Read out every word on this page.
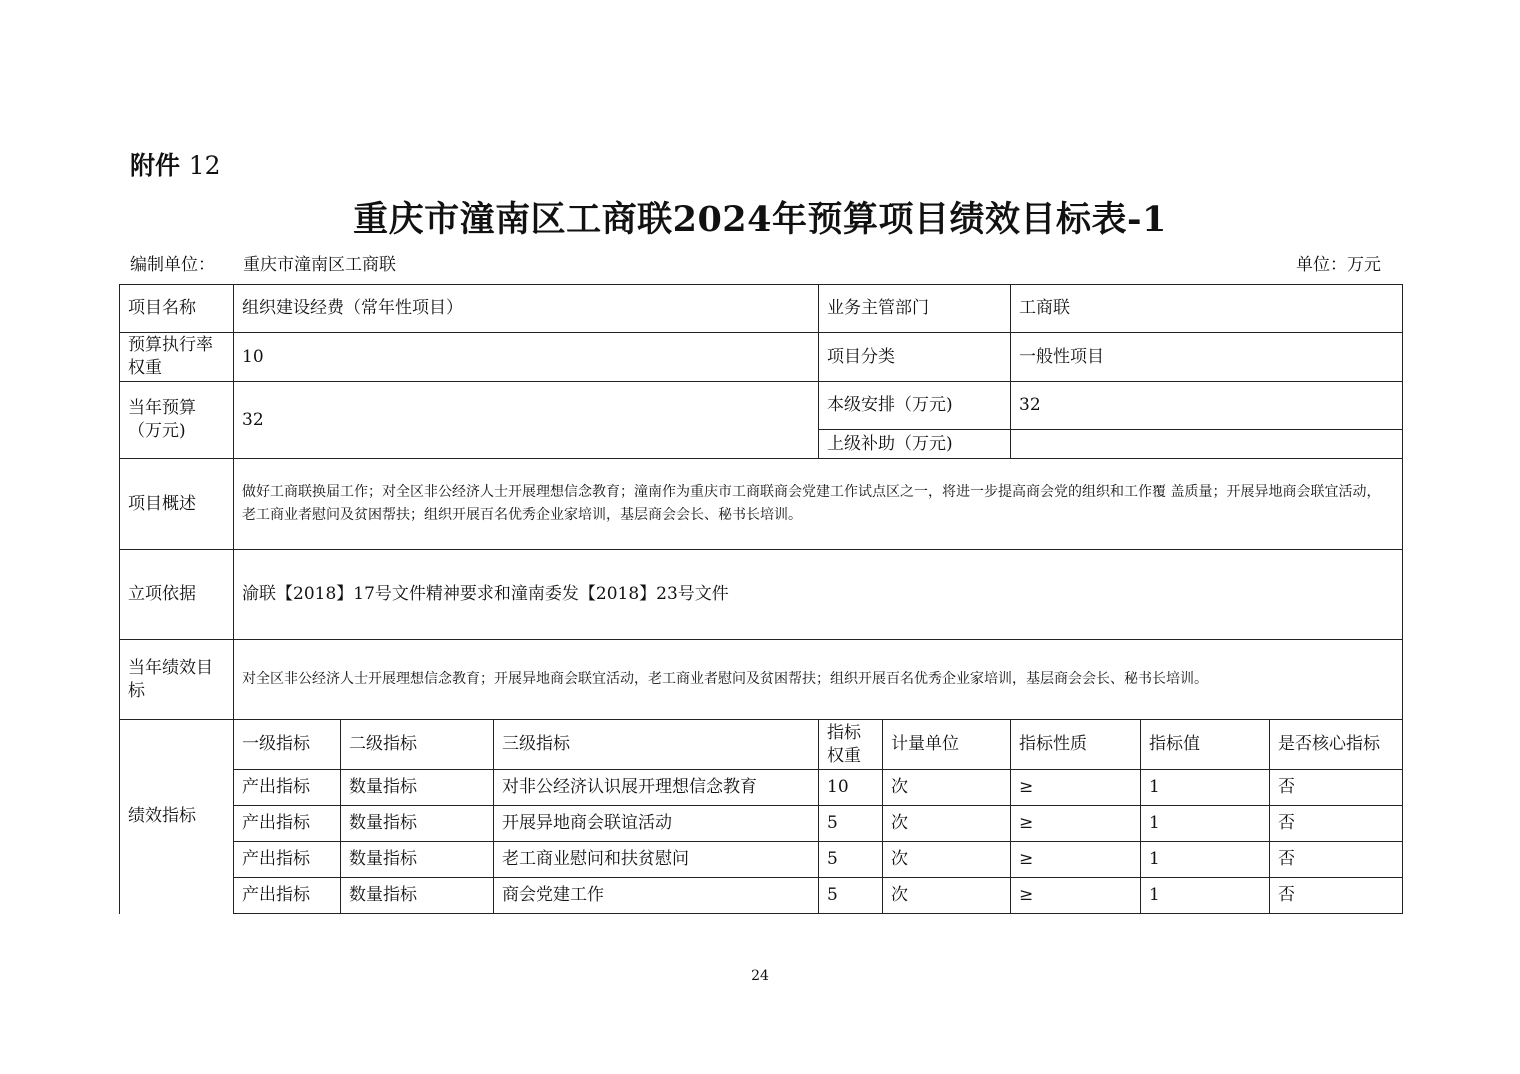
附件 12
重庆市潼南区工商联2024年预算项目绩效目标表-1
编制单位： 重庆市潼南区工商联	单位：万元
项目名称	组织建设经费（常年性项目）			业务主管部门		工商联		
预算执行率权重	10			项目分类		一般性项目		
当年预算（万元)	32			本级安排（万元)		32		
				上级补助（万元)				
项目概述	做好工商联换届工作；对全区非公经济人士开展理想信念教育；潼南作为重庆市工商联商会党建工作试点区之一，将进一步提高商会党的组织和工作覆 盖质量；开展异地商会联宜活动，老工商业者慰问及贫困帮扶；组织开展百名优秀企业家培训，基层商会会长、秘书长培训。							
立项依据	渝联【2018】17号文件精神要求和潼南委发【2018】23号文件							
当年绩效目标	对全区非公经济人士开展理想信念教育；开展异地商会联宜活动，老工商业者慰问及贫困帮扶；组织开展百名优秀企业家培训，基层商会会长、秘书长培训。							
绩效指标	一级指标	二级指标	三级指标	指标权重	计量单位	指标性质	指标值	是否核心指标
	产出指标	数量指标	对非公经济认识展开理想信念教育	10	次	≥	1	否
	产出指标	数量指标	开展异地商会联谊活动	5	次	≥	1	否
	产出指标	数量指标	老工商业慰问和扶贫慰问	5	次	≥	1	否
	产出指标	数量指标	商会党建工作	5	次	≥	1	否
24
